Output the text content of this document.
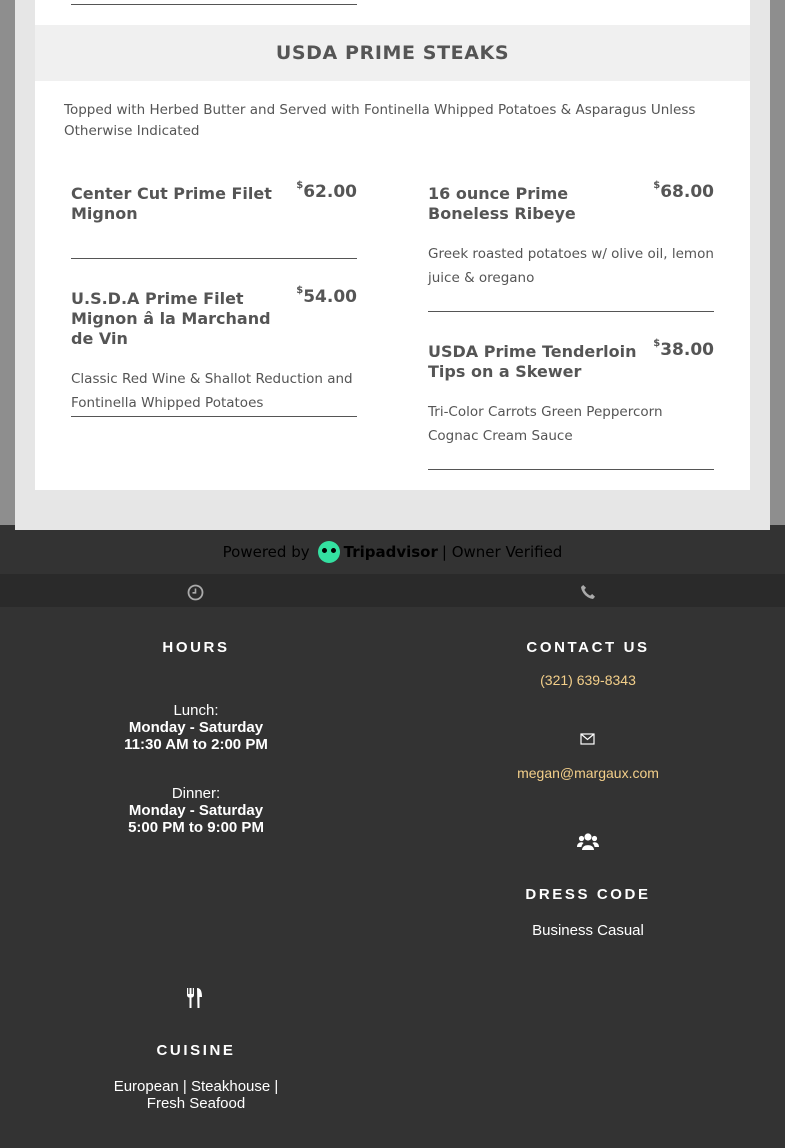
USDA PRIME STEAKS
Topped with Herbed Butter and Served with Fontinella Whipped Potatoes & Asparagus Unless Otherwise Indicated
Center Cut Prime Filet Mignon
$62.00
U.S.D.A Prime Filet Mignon â la Marchand de Vin
$54.00
Classic Red Wine & Shallot Reduction and Fontinella Whipped Potatoes
16 ounce Prime Boneless Ribeye
$68.00
Greek roasted potatoes w/ olive oil, lemon juice & oregano
USDA Prime Tenderloin Tips on a Skewer
$38.00
Tri-Color Carrots Green Peppercorn Cognac Cream Sauce
Powered by Tripadvisor | Owner Verified
HOURS
Lunch:
Monday - Saturday
11:30 AM to 2:00 PM
Dinner:
Monday - Saturday
5:00 PM to 9:00 PM
CONTACT US
(321) 639-8343
megan@margaux.com
DRESS CODE
Business Casual
CUISINE
European | Steakhouse |
Fresh Seafood
